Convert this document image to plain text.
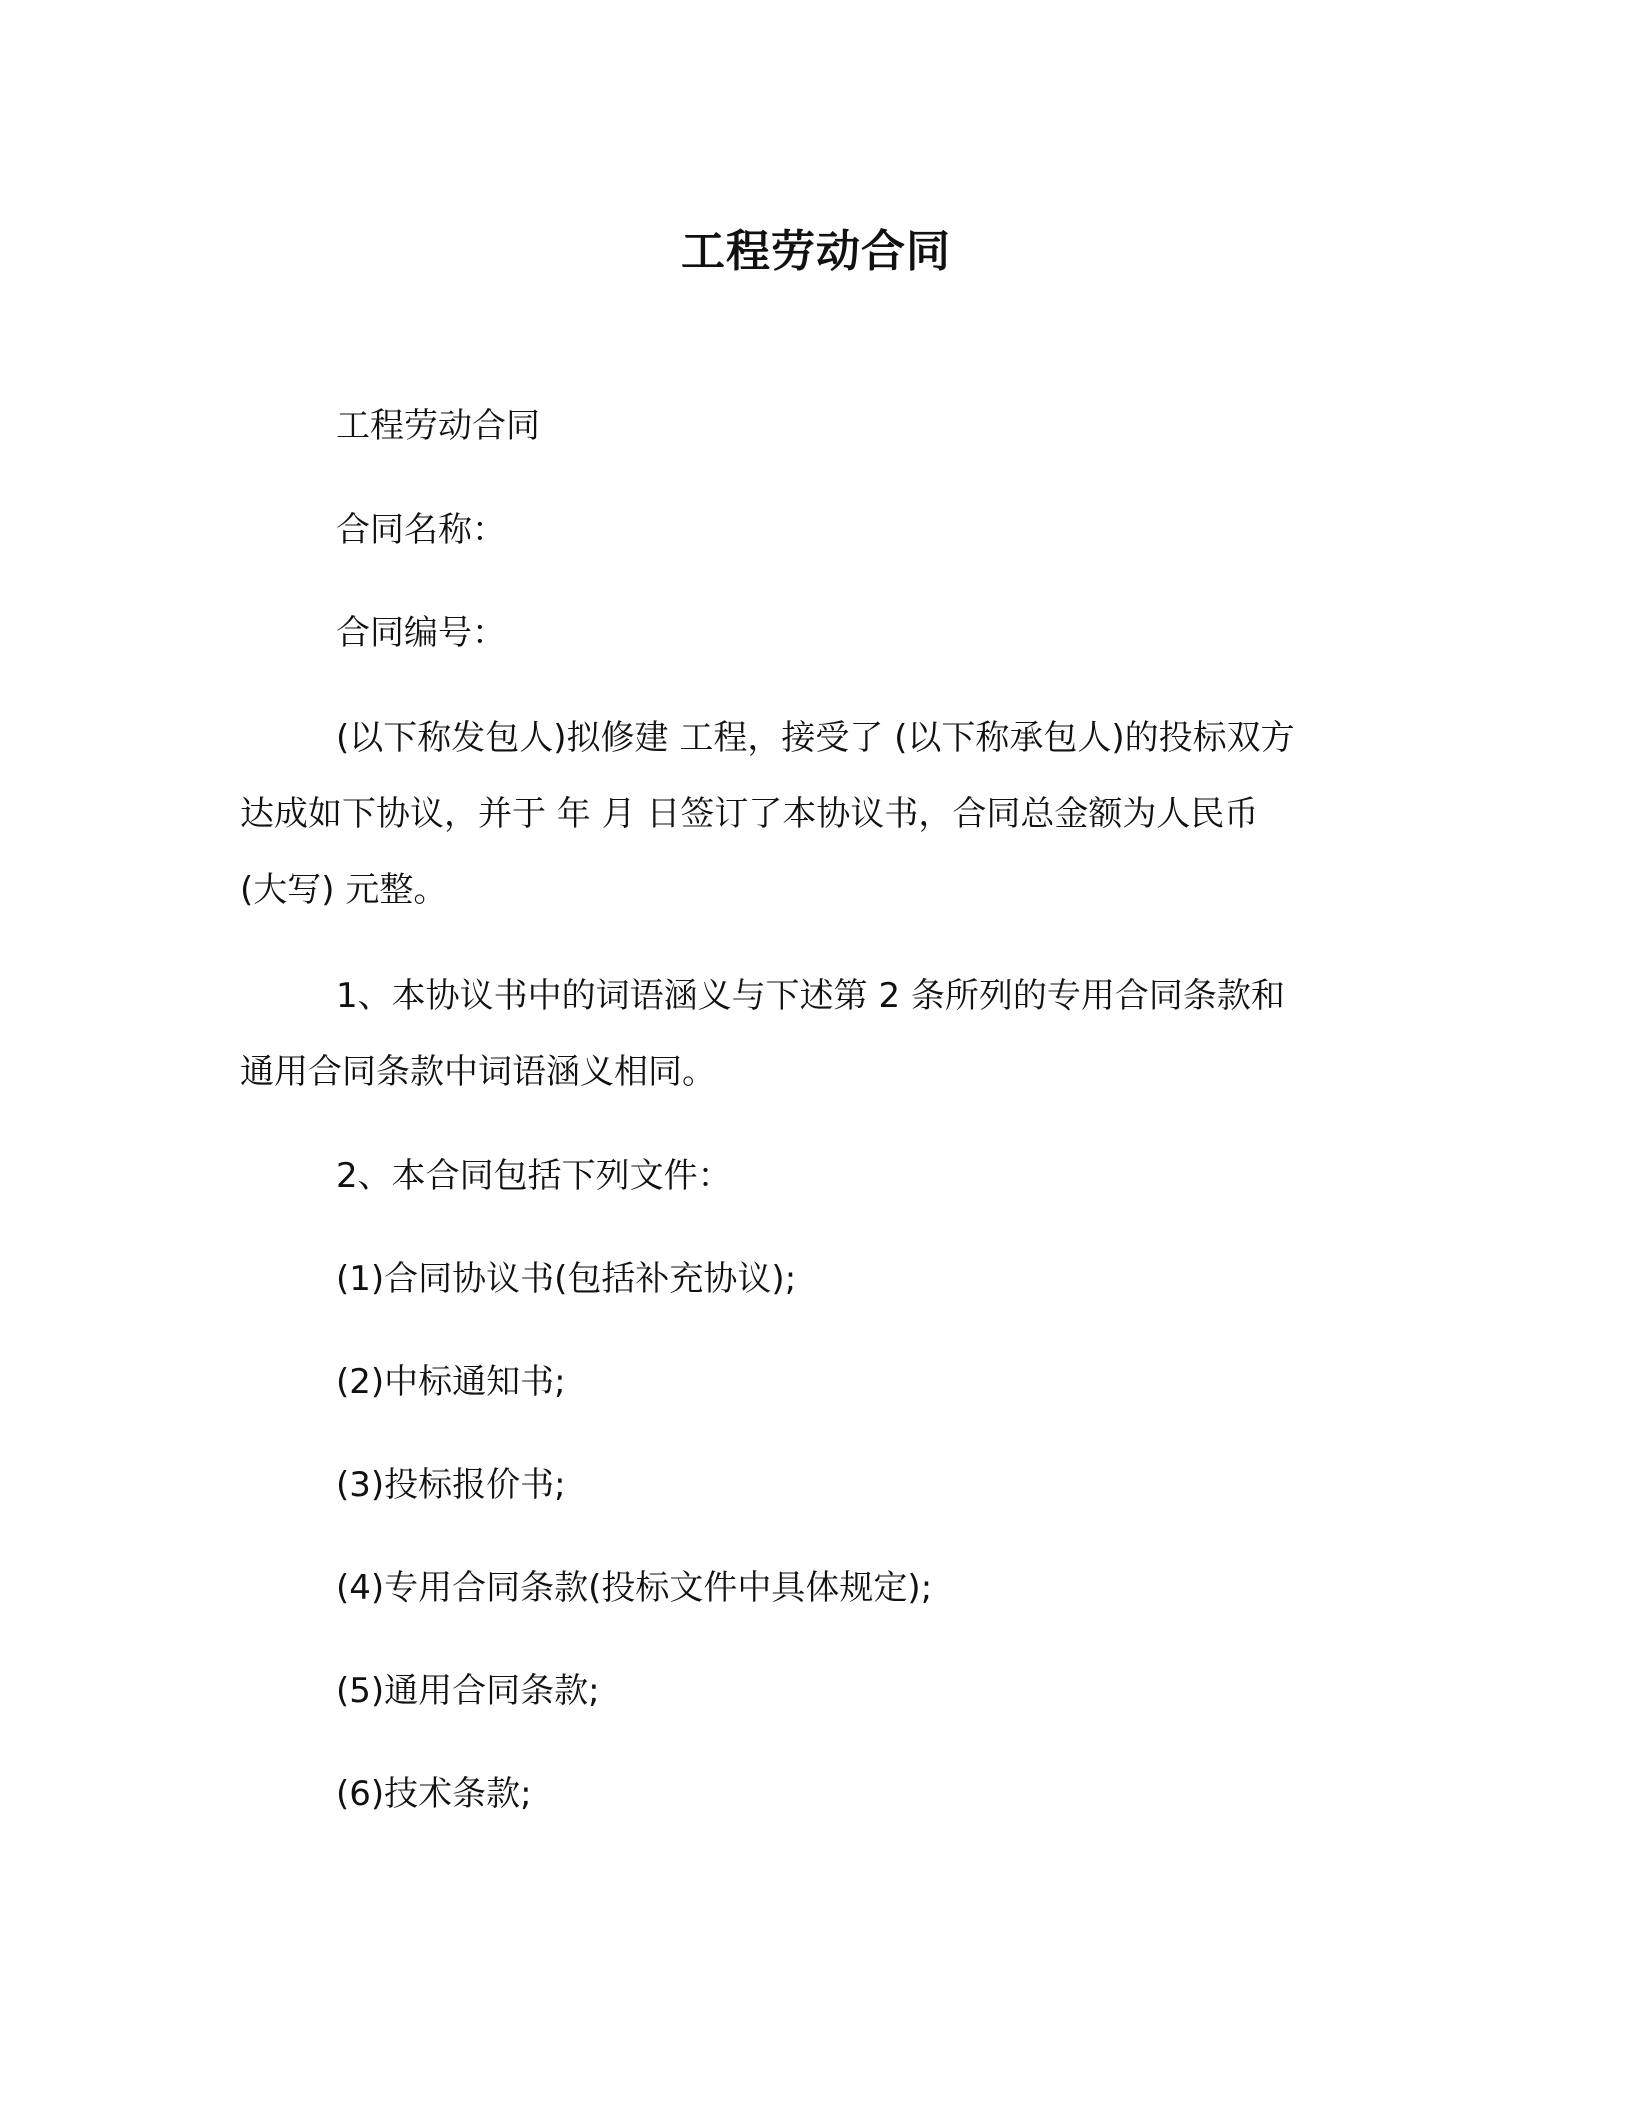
工程劳动合同

工程劳动合同

合同名称：

合同编号：

(以下称发包人)拟修建 工程，接受了 (以下称承包人)的投标双方
达成如下协议，并于 年 月 日签订了本协议书，合同总金额为人民币
(大写) 元整。
1、本协议书中的词语涵义与下述第 2 条所列的专用合同条款和
通用合同条款中词语涵义相同。

2、本合同包括下列文件：

(1)合同协议书(包括补充协议);

(2)中标通知书;

(3)投标报价书;

(4)专用合同条款(投标文件中具体规定);

(5)通用合同条款;

(6)技术条款;
